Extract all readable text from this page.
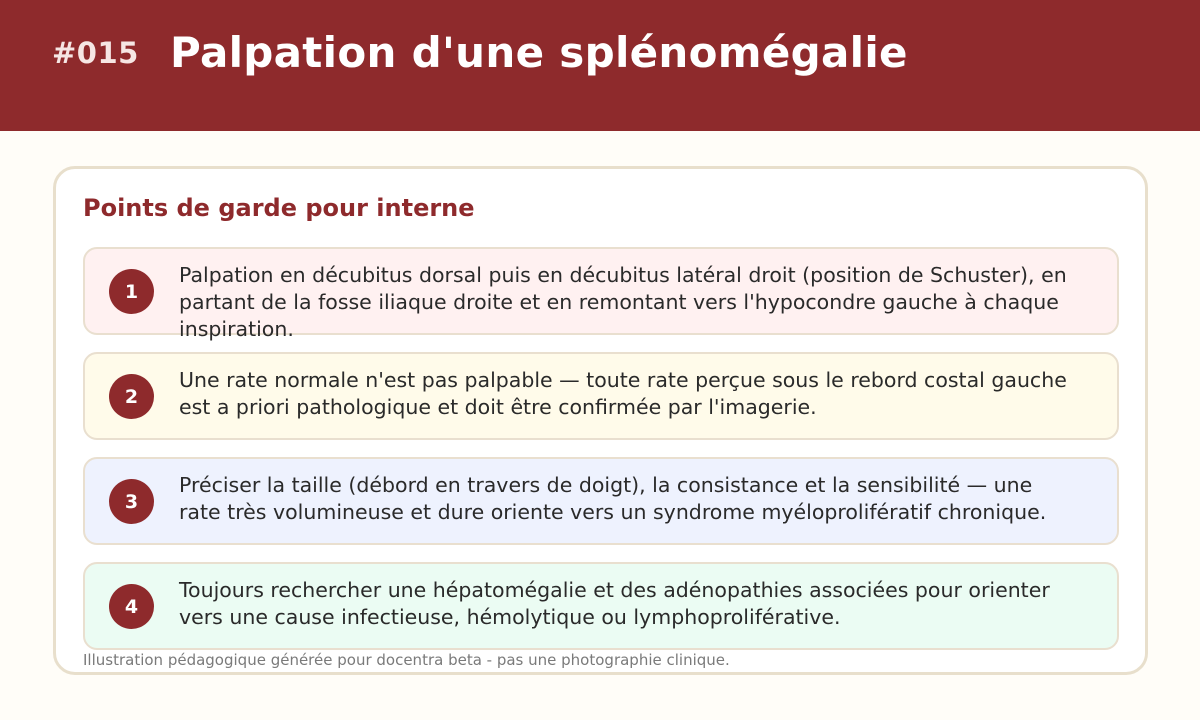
#015 Palpation d'une splénomégalie
Points de garde pour interne
1
Palpation en décubitus dorsal puis en décubitus latéral droit (position de Schuster), en partant de la fosse iliaque droite et en remontant vers l'hypocondre gauche à chaque inspiration.
2
Une rate normale n'est pas palpable — toute rate perçue sous le rebord costal gauche est a priori pathologique et doit être confirmée par l'imagerie.
3
Préciser la taille (débord en travers de doigt), la consistance et la sensibilité — une rate très volumineuse et dure oriente vers un syndrome myéloprolifératif chronique.
4
Toujours rechercher une hépatomégalie et des adénopathies associées pour orienter vers une cause infectieuse, hémolytique ou lymphoproliférative.
Illustration pédagogique générée pour docentra beta - pas une photographie clinique.
